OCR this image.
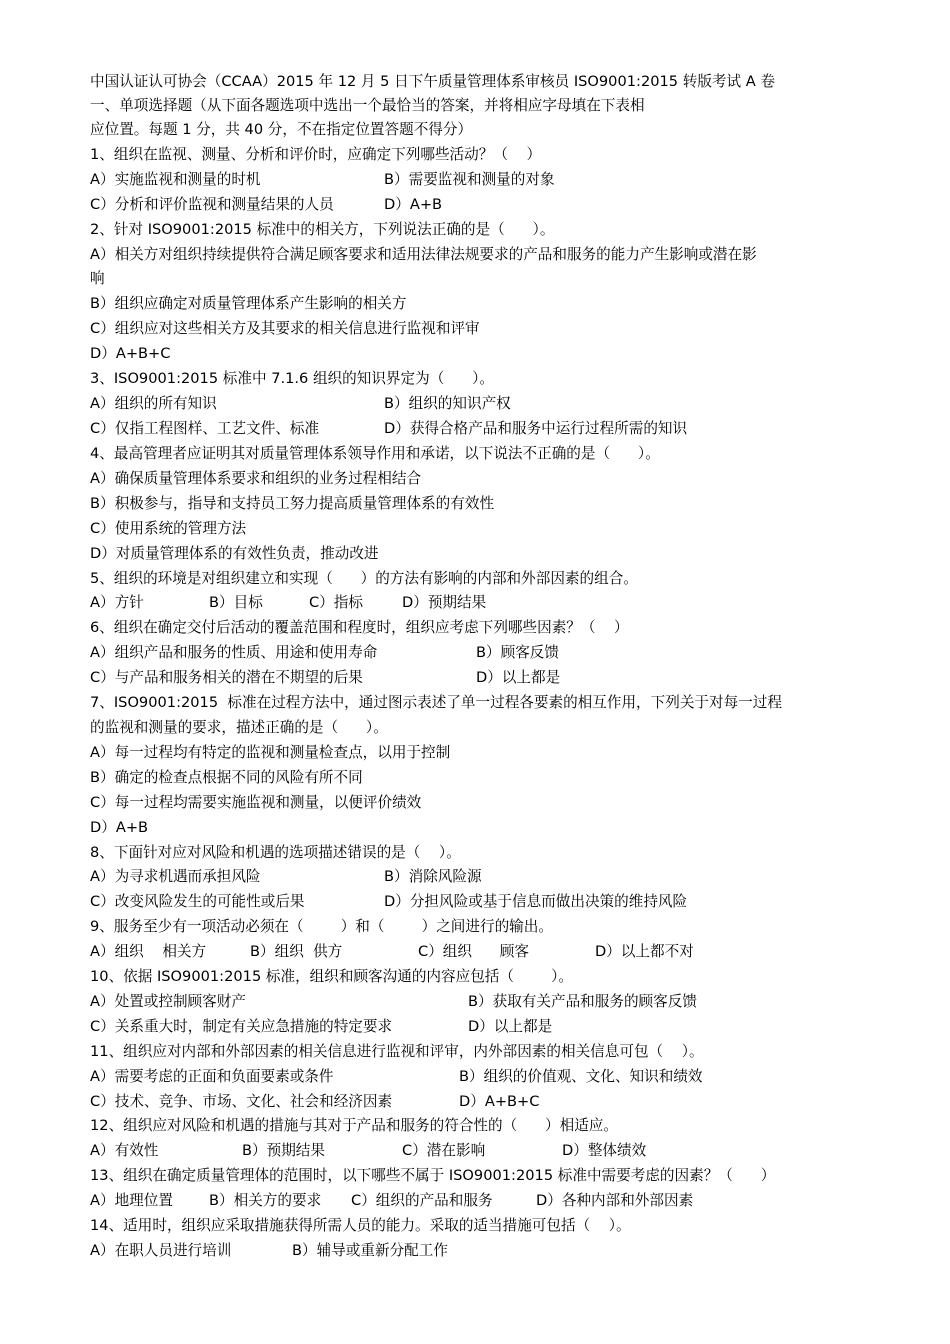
中国认证认可协会（CCAA）2015 年 12 月 5 日下午质量管理体系审核员 ISO9001:2015 转版考试 A 卷
一、单项选择题（从下面各题选项中选出一个最恰当的答案，并将相应字母填在下表相
应位置。每题 1 分，共 40 分，不在指定位置答题不得分）
1、组织在监视、测量、分析和评价时，应确定下列哪些活动？（    ）
A）实施监视和测量的时机	B）需要监视和测量的对象
C）分析和评价监视和测量结果的人员	D）A+B
2、针对 ISO9001:2015 标准中的相关方，下列说法正确的是（      ）。
A）相关方对组织持续提供符合满足顾客要求和适用法律法规要求的产品和服务的能力产生影响或潜在影
响
B）组织应确定对质量管理体系产生影响的相关方
C）组织应对这些相关方及其要求的相关信息进行监视和评审
D）A+B+C
3、ISO9001:2015 标准中 7.1.6 组织的知识界定为（      ）。
A）组织的所有知识	B）组织的知识产权
C）仅指工程图样、工艺文件、标准	D）获得合格产品和服务中运行过程所需的知识
4、最高管理者应证明其对质量管理体系领导作用和承诺，以下说法不正确的是（      ）。
A）确保质量管理体系要求和组织的业务过程相结合
B）积极参与，指导和支持员工努力提高质量管理体系的有效性
C）使用系统的管理方法
D）对质量管理体系的有效性负责，推动改进
5、组织的环境是对组织建立和实现（      ）的方法有影响的内部和外部因素的组合。
A）方针	B）目标	C）指标	D）预期结果
6、组织在确定交付后活动的覆盖范围和程度时，组织应考虑下列哪些因素？（    ）
A）组织产品和服务的性质、用途和使用寿命	B）顾客反馈
C）与产品和服务相关的潜在不期望的后果	D）以上都是
7、ISO9001:2015  标准在过程方法中，通过图示表述了单一过程各要素的相互作用，下列关于对每一过程
的监视和测量的要求，描述正确的是（      ）。
A）每一过程均有特定的监视和测量检查点，以用于控制
B）确定的检查点根据不同的风险有所不同
C）每一过程均需要实施监视和测量，以便评价绩效
D）A+B
8、下面针对应对风险和机遇的选项描述错误的是（    ）。
A）为寻求机遇而承担风险	B）消除风险源
C）改变风险发生的可能性或后果	D）分担风险或基于信息而做出决策的维持风险
9、服务至少有一项活动必须在（        ）和（        ）之间进行的输出。
A）组织    相关方	B）组织  供方	C）组织      顾客	D）以上都不对
10、依据 ISO9001:2015 标准，组织和顾客沟通的内容应包括（        ）。
A）处置或控制顾客财产	B）获取有关产品和服务的顾客反馈
C）关系重大时，制定有关应急措施的特定要求	D）以上都是
11、组织应对内部和外部因素的相关信息进行监视和评审，内外部因素的相关信息可包（    ）。
A）需要考虑的正面和负面要素或条件	B）组织的价值观、文化、知识和绩效
C）技术、竞争、市场、文化、社会和经济因素	D）A+B+C
12、组织应对风险和机遇的措施与其对于产品和服务的符合性的（      ）相适应。
A）有效性	B）预期结果	C）潜在影响	D）整体绩效
13、组织在确定质量管理体的范围时，以下哪些不属于 ISO9001:2015 标准中需要考虑的因素？（      ）
A）地理位置 B）相关方的要求 C）组织的产品和服务	D）各种内部和外部因素
14、适用时，组织应采取措施获得所需人员的能力。采取的适当措施可包括（    ）。
A）在职人员进行培训	B）辅导或重新分配工作
